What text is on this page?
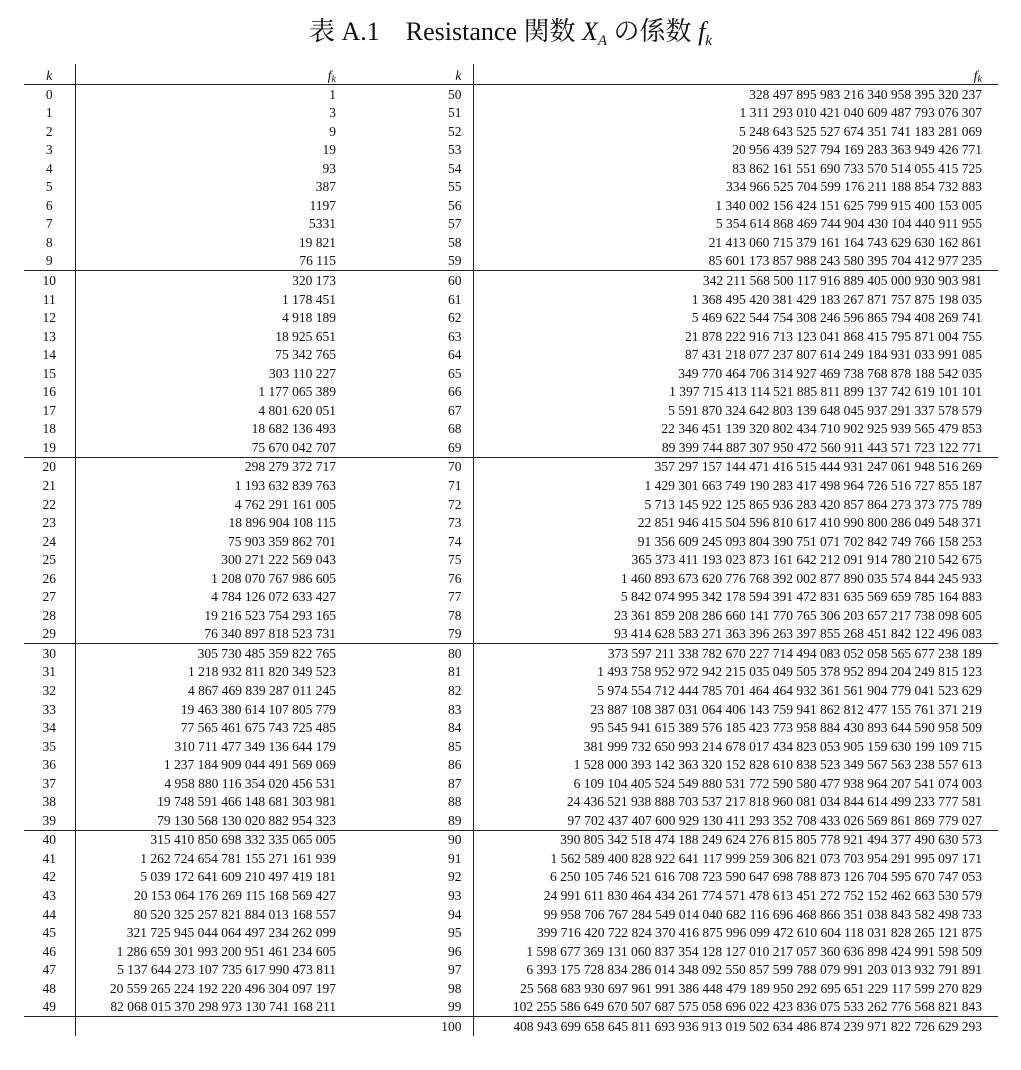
表 A.1 Resistance 関数 $X_A$ の係数 $f_k$
k	$f_k$	k	$f_k$
0	1	50	328 497 895 983 216 340 958 395 320 237
1	3	51	1 311 293 010 421 040 609 487 793 076 307
2	9	52	5 248 643 525 527 674 351 741 183 281 069
3	19	53	20 956 439 527 794 169 283 363 949 426 771
4	93	54	83 862 161 551 690 733 570 514 055 415 725
5	387	55	334 966 525 704 599 176 211 188 854 732 883
6	1197	56	1 340 002 156 424 151 625 799 915 400 153 005
7	5331	57	5 354 614 868 469 744 904 430 104 440 911 955
8	19 821	58	21 413 060 715 379 161 164 743 629 630 162 861
9	76 115	59	85 601 173 857 988 243 580 395 704 412 977 235
10	320 173	60	342 211 568 500 117 916 889 405 000 930 903 981
11	1 178 451	61	1 368 495 420 381 429 183 267 871 757 875 198 035
12	4 918 189	62	5 469 622 544 754 308 246 596 865 794 408 269 741
13	18 925 651	63	21 878 222 916 713 123 041 868 415 795 871 004 755
14	75 342 765	64	87 431 218 077 237 807 614 249 184 931 033 991 085
15	303 110 227	65	349 770 464 706 314 927 469 738 768 878 188 542 035
16	1 177 065 389	66	1 397 715 413 114 521 885 811 899 137 742 619 101 101
17	4 801 620 051	67	5 591 870 324 642 803 139 648 045 937 291 337 578 579
18	18 682 136 493	68	22 346 451 139 320 802 434 710 902 925 939 565 479 853
19	75 670 042 707	69	89 399 744 887 307 950 472 560 911 443 571 723 122 771
20	298 279 372 717	70	357 297 157 144 471 416 515 444 931 247 061 948 516 269
21	1 193 632 839 763	71	1 429 301 663 749 190 283 417 498 964 726 516 727 855 187
22	4 762 291 161 005	72	5 713 145 922 125 865 936 283 420 857 864 273 373 775 789
23	18 896 904 108 115	73	22 851 946 415 504 596 810 617 410 990 800 286 049 548 371
24	75 903 359 862 701	74	91 356 609 245 093 804 390 751 071 702 842 749 766 158 253
25	300 271 222 569 043	75	365 373 411 193 023 873 161 642 212 091 914 780 210 542 675
26	1 208 070 767 986 605	76	1 460 893 673 620 776 768 392 002 877 890 035 574 844 245 933
27	4 784 126 072 633 427	77	5 842 074 995 342 178 594 391 472 831 635 569 659 785 164 883
28	19 216 523 754 293 165	78	23 361 859 208 286 660 141 770 765 306 203 657 217 738 098 605
29	76 340 897 818 523 731	79	93 414 628 583 271 363 396 263 397 855 268 451 842 122 496 083
30	305 730 485 359 822 765	80	373 597 211 338 782 670 227 714 494 083 052 058 565 677 238 189
31	1 218 932 811 820 349 523	81	1 493 758 952 972 942 215 035 049 505 378 952 894 204 249 815 123
32	4 867 469 839 287 011 245	82	5 974 554 712 444 785 701 464 464 932 361 561 904 779 041 523 629
33	19 463 380 614 107 805 779	83	23 887 108 387 031 064 406 143 759 941 862 812 477 155 761 371 219
34	77 565 461 675 743 725 485	84	95 545 941 615 389 576 185 423 773 958 884 430 893 644 590 958 509
35	310 711 477 349 136 644 179	85	381 999 732 650 993 214 678 017 434 823 053 905 159 630 199 109 715
36	1 237 184 909 044 491 569 069	86	1 528 000 393 142 363 320 152 828 610 838 523 349 567 563 238 557 613
37	4 958 880 116 354 020 456 531	87	6 109 104 405 524 549 880 531 772 590 580 477 938 964 207 541 074 003
38	19 748 591 466 148 681 303 981	88	24 436 521 938 888 703 537 217 818 960 081 034 844 614 499 233 777 581
39	79 130 568 130 020 882 954 323	89	97 702 437 407 600 929 130 411 293 352 708 433 026 569 861 869 779 027
40	315 410 850 698 332 335 065 005	90	390 805 342 518 474 188 249 624 276 815 805 778 921 494 377 490 630 573
41	1 262 724 654 781 155 271 161 939	91	1 562 589 400 828 922 641 117 999 259 306 821 073 703 954 291 995 097 171
42	5 039 172 641 609 210 497 419 181	92	6 250 105 746 521 616 708 723 590 647 698 788 873 126 704 595 670 747 053
43	20 153 064 176 269 115 168 569 427	93	24 991 611 830 464 434 261 774 571 478 613 451 272 752 152 462 663 530 579
44	80 520 325 257 821 884 013 168 557	94	99 958 706 767 284 549 014 040 682 116 696 468 866 351 038 843 582 498 733
45	321 725 945 044 064 497 234 262 099	95	399 716 420 722 824 370 416 875 996 099 472 610 604 118 031 828 265 121 875
46	1 286 659 301 993 200 951 461 234 605	96	1 598 677 369 131 060 837 354 128 127 010 217 057 360 636 898 424 991 598 509
47	5 137 644 273 107 735 617 990 473 811	97	6 393 175 728 834 286 014 348 092 550 857 599 788 079 991 203 013 932 791 891
48	20 559 265 224 192 220 496 304 097 197	98	25 568 683 930 697 961 991 386 448 479 189 950 292 695 651 229 117 599 270 829
49	82 068 015 370 298 973 130 741 168 211	99	102 255 586 649 670 507 687 575 058 696 022 423 836 075 533 262 776 568 821 843
		100	408 943 699 658 645 811 693 936 913 019 502 634 486 874 239 971 822 726 629 293
